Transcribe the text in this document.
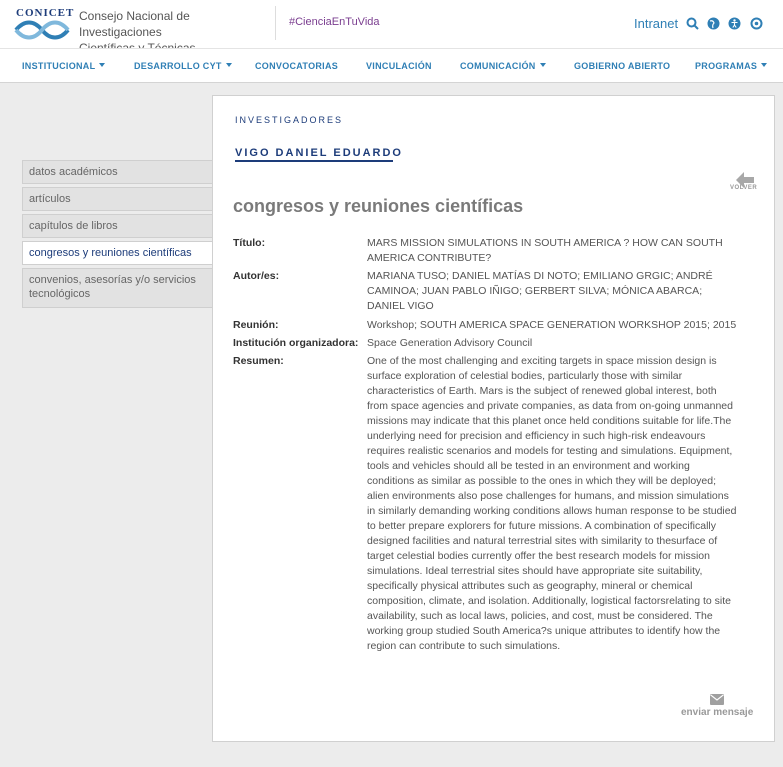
CONICET Consejo Nacional de Investigaciones
#CienciaEnTuVida	Intranet
INSTITUCIONAL	DESARROLLO CYT	CONVOCATORIAS	VINCULACIÓN	COMUNICACIÓN	GOBIERNO ABIERTO	PROGRAMAS
datos académicos
artículos
capítulos de libros
congresos y reuniones científicas
convenios, asesorías y/o servicios tecnológicos
INVESTIGADORES
VIGO DANIEL EDUARDO
VOLVER
congresos y reuniones científicas
Título:	MARS MISSION SIMULATIONS IN SOUTH AMERICA ? HOW CAN SOUTH AMERICA CONTRIBUTE?
Autor/es:	MARIANA TUSO; DANIEL MATÍAS DI NOTO; EMILIANO GRGIC; ANDRÉ CAMINOA; JUAN PABLO IÑIGO; GERBERT SILVA; MÓNICA ABARCA; DANIEL VIGO
Reunión:	Workshop; SOUTH AMERICA SPACE GENERATION WORKSHOP 2015; 2015
Institución organizadora: Space Generation Advisory Council
Resumen:	One of the most challenging and exciting targets in space mission design is surface exploration of celestial bodies, particularly those with similar characteristics of Earth. Mars is the subject of renewed global interest, both from space agencies and private companies, as data from on-going unmanned missions may indicate that this planet once held conditions suitable for life.The underlying need for precision and efficiency in such high-risk endeavours requires realistic scenarios and models for testing and simulations. Equipment, tools and vehicles should all be tested in an environment and working conditions as similar as possible to the ones in which they will be deployed; alien environments also pose challenges for humans, and mission simulations in similarly demanding working conditions allows human response to be studied to better prepare explorers for future missions. A combination of specifically designed facilities and natural terrestrial sites with similarity to thesurface of target celestial bodies currently offer the best research models for mission simulations. Ideal terrestrial sites should have appropriate site suitability, specifically physical attributes such as geography, mineral or chemical composition, climate, and isolation. Additionally, logistical factorsrelating to site availability, such as local laws, policies, and cost, must be considered. The working group studied South America?s unique attributes to identify how the region can contribute to such simulations.
enviar mensaje
